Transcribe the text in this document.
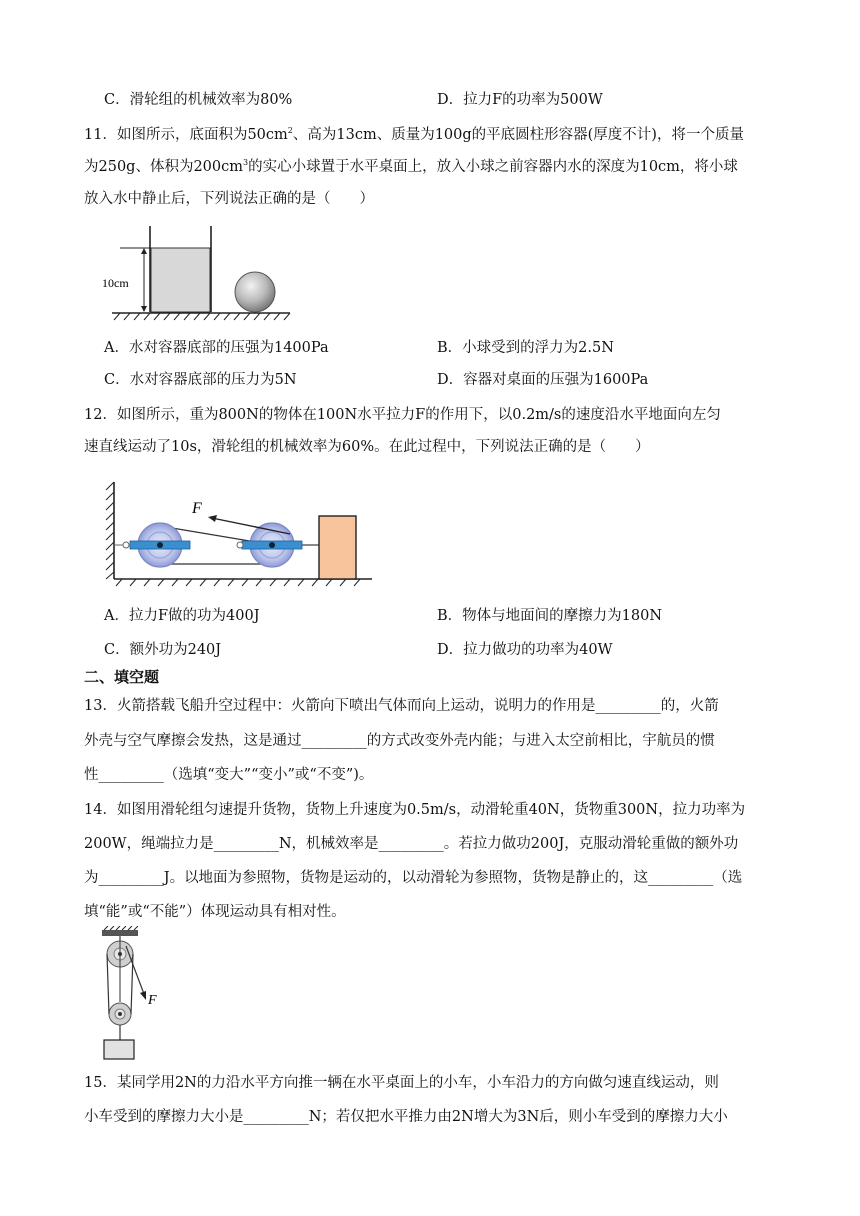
C．滑轮组的机械效率为80%	D．拉力F的功率为500W
11．如图所示，底面积为$50cm^2$、高为13cm、质量为100g的平底圆柱形容器(厚度不计)，将一个质量
为250g、体积为$200cm^3$的实心小球置于水平桌面上，放入小球之前容器内水的深度为10cm，将小球
放入水中静止后，下列说法正确的是（　　）
10cm
A．水对容器底部的压强为1400Pa	B．小球受到的浮力为2.5N
C．水对容器底部的压力为5N	D．容器对桌面的压强为1600Pa
12．如图所示，重为800N的物体在100N水平拉力F的作用下，以0.2m/s的速度沿水平地面向左匀
速直线运动了10s，滑轮组的机械效率为60%。在此过程中，下列说法正确的是（　　）
F
A．拉力F做的功为400J	B．物体与地面间的摩擦力为180N
C．额外功为240J	D．拉力做功的功率为40W
二、填空题
13．火箭搭载飞船升空过程中：火箭向下喷出气体而向上运动，说明力的作用是_________的，火箭
外壳与空气摩擦会发热，这是通过_________的方式改变外壳内能；与进入太空前相比，宇航员的惯
性_________（选填“变大”“变小”或“不变”)。
14．如图用滑轮组匀速提升货物，货物上升速度为0.5m/s，动滑轮重40N，货物重300N，拉力功率为
200W，绳端拉力是_________N，机械效率是_________。若拉力做功200J，克服动滑轮重做的额外功
为_________J。以地面为参照物，货物是运动的，以动滑轮为参照物，货物是静止的，这_________（选
填“能”或“不能”）体现运动具有相对性。
F
15．某同学用2N的力沿水平方向推一辆在水平桌面上的小车，小车沿力的方向做匀速直线运动，则
小车受到的摩擦力大小是_________N；若仅把水平推力由2N增大为3N后，则小车受到的摩擦力大小
